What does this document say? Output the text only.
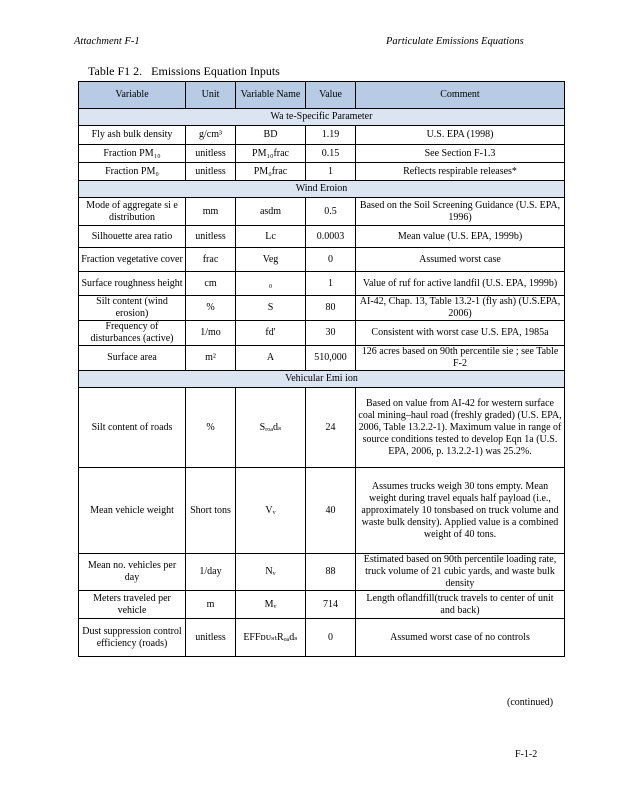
Attachment F-1	Particulate Emissions Equations
Table F1 2.   Emissions Equation Inputs
Variable	Unit	Variable Name	Value	Comment
Wa te-Specific Parameter				
Fly ash bulk density	g/cm³	BD	1.19	U.S. EPA (1998)
Fraction PM₁₀	unitless	PM₁₀frac	0.15	See Section F-1.3
Fraction PM₀	unitless	PM₀frac	1	Reflects respirable releases*
Wind Eroion				
Mode of aggregate si e distribution	mm	asdm	0.5	Based on the Soil Screening Guidance (U.S. EPA, 1996)
Silhouette area ratio	unitless	Lc	0.0003	Mean value (U.S. EPA, 1999b)
Fraction vegetative cover	frac	Veg	0	Assumed worst case
Surface roughness height	cm	₀	1	Value of ruf for active landfil (U.S. EPA, 1999b)
Silt content (wind erosion)	%	S	80	AI-42, Chap. 13, Table 13.2-1 (fly ash) (U.S.EPA, 2006)
Frequency of disturbances (active)	1/mo	fd'	30	Consistent with worst case U.S. EPA, 1985a
Surface area	m²	A	510,000	126 acres based on 90th percentile sie ; see Table F-2
Vehicular Emi ion				
Silt content of roads	%	Sᵣₒₐdₛ	24	Based on value from AI-42 for western surface coal mining–haul road (freshly graded) (U.S. EPA, 2006, Table 13.2.2-1). Maximum value in range of source conditions tested to develop Eqn 1a (U.S. EPA, 2006, p. 13.2.2-1) was 25.2%.
Mean vehicle weight	Short tons	Vᵥ	40	Assumes trucks weigh 30 tons empty. Mean weight during travel equals half payload (i.e., approximately 10 tonsbased on truck volume and waste bulk density). Applied value is a combined weight of 40 tons.
Mean no. vehicles per day	1/day	Nᵥ	88	Estimated based on 90th percentile loading rate, truck volume of 21 cubic yards, and waste bulk density
Meters traveled per vehicle	m	Mᵥ	714	Length oflandfill(truck travels to center of unit and back)
Dust suppression control efficiency (roads)	unitless	EFFᴅᴜₛₜRₒₐdₛ	0	Assumed worst case of no controls
(continued)
F-1-2
